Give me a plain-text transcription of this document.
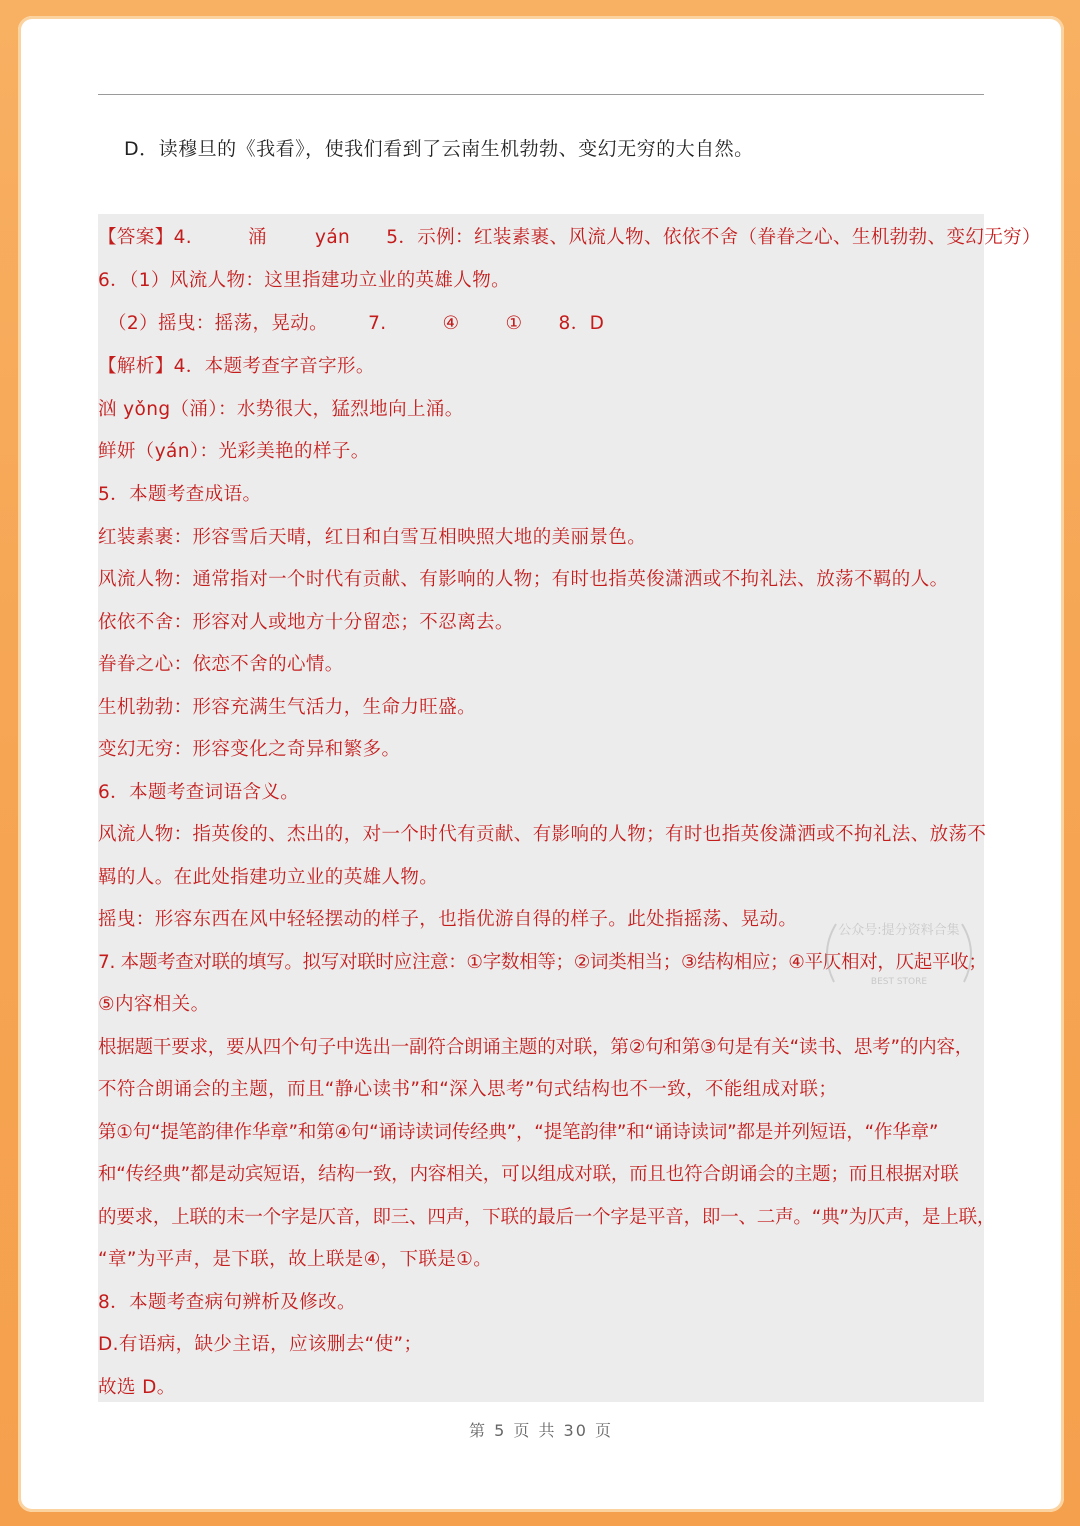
D．读穆旦的《我看》，使我们看到了云南生机勃勃、变幻无穷的大自然。

【答案】4.	涌	yán 5．示例：红装素裹、风流人物、依依不舍（眷眷之心、生机勃勃、变幻无穷）

6．（1）风流人物：这里指建功立业的英雄人物。

（2）摇曳：摇荡，晃动。 7.	④ ① 8．D

【解析】4．本题考查字音字形。

汹 yǒng（涌）：水势很大，猛烈地向上涌。

鲜妍（yán）：光彩美艳的样子。

5．本题考查成语。

红装素裹：形容雪后天晴，红日和白雪互相映照大地的美丽景色。

风流人物：通常指对一个时代有贡献、有影响的人物；有时也指英俊潇洒或不拘礼法、放荡不羁的人。

依依不舍：形容对人或地方十分留恋；不忍离去。

眷眷之心：依恋不舍的心情。

生机勃勃：形容充满生气活力，生命力旺盛。

变幻无穷：形容变化之奇异和繁多。

6．本题考查词语含义。

风流人物：指英俊的、杰出的，对一个时代有贡献、有影响的人物；有时也指英俊潇洒或不拘礼法、放荡不

羁的人。在此处指建功立业的英雄人物。

摇曳：形容东西在风中轻轻摆动的样子，也指优游自得的样子。此处指摇荡、晃动。

7. 本题考查对联的填写。拟写对联时应注意：①字数相等；②词类相当；③结构相应；④平仄相对，仄起平收；

⑤内容相关。

根据题干要求，要从四个句子中选出一副符合朗诵主题的对联，第②句和第③句是有关“读书、思考”的内容，

不符合朗诵会的主题，而且“静心读书”和“深入思考”句式结构也不一致，不能组成对联；

第①句“提笔韵律作华章”和第④句“诵诗读词传经典”，“提笔韵律”和“诵诗读词”都是并列短语，“作华章”

和“传经典”都是动宾短语，结构一致，内容相关，可以组成对联，而且也符合朗诵会的主题；而且根据对联

的要求，上联的末一个字是仄音，即三、四声，下联的最后一个字是平音，即一、二声。“典”为仄声，是上联，

“章”为平声，是下联，故上联是④，下联是①。

8．本题考查病句辨析及修改。

D.有语病，缺少主语，应该删去“使”；

故选 D。

公众号:提分资料合集
BEST STORE

第 5 页 共 30 页
